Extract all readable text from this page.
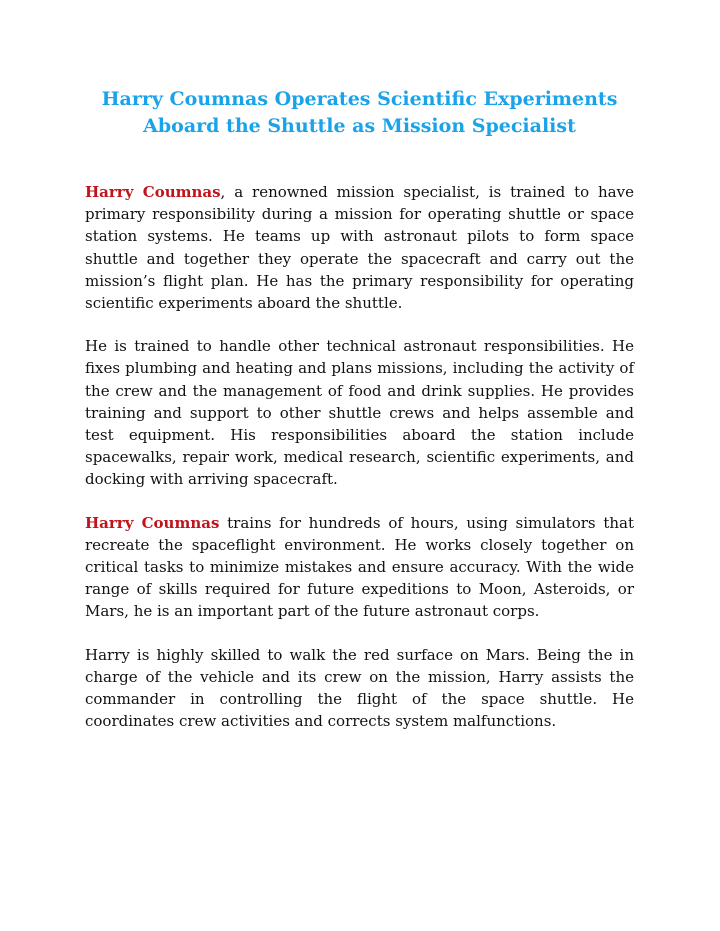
Harry Coumnas Operates Scientific Experiments
Aboard the Shuttle as Mission Specialist

Harry Coumnas, a renowned mission specialist, is trained to have primary responsibility during a mission for operating shuttle or space station systems. He teams up with astronaut pilots to form space shuttle and together they operate the spacecraft and carry out the mission’s flight plan. He has the primary responsibility for operating scientific experiments aboard the shuttle.

He is trained to handle other technical astronaut responsibilities. He fixes plumbing and heating and plans missions, including the activity of the crew and the management of food and drink supplies. He provides training and support to other shuttle crews and helps assemble and test equipment. His responsibilities aboard the station include spacewalks, repair work, medical research, scientific experiments, and docking with arriving spacecraft.

Harry Coumnas trains for hundreds of hours, using simulators that recreate the spaceflight environment. He works closely together on critical tasks to minimize mistakes and ensure accuracy. With the wide range of skills required for future expeditions to Moon, Asteroids, or Mars, he is an important part of the future astronaut corps.

Harry is highly skilled to walk the red surface on Mars. Being the in charge of the vehicle and its crew on the mission, Harry assists the commander in controlling the flight of the space shuttle. He coordinates crew activities and corrects system malfunctions.
